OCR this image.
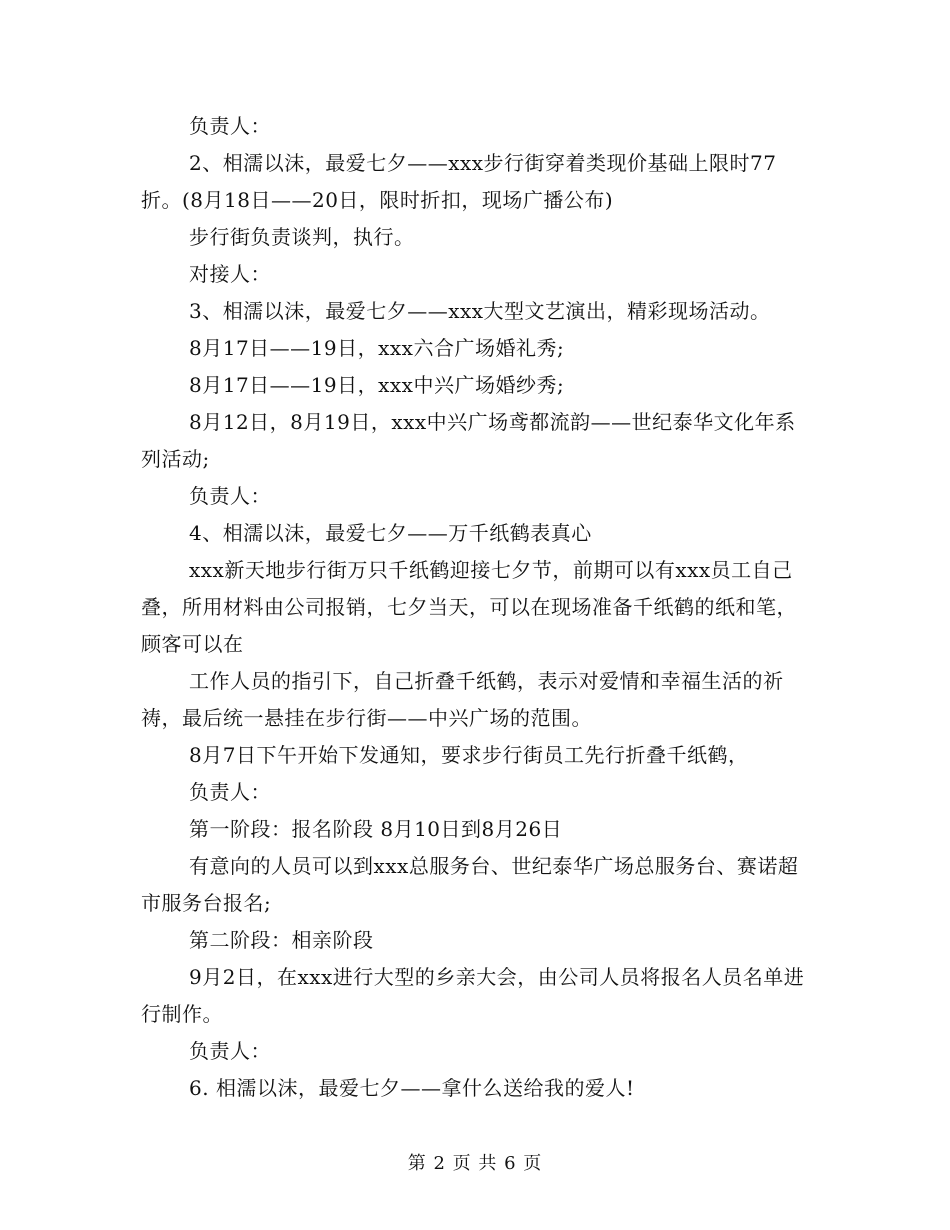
负责人：

2、相濡以沫，最爱七夕——xxx步行街穿着类现价基础上限时77折。(8月18日——20日，限时折扣，现场广播公布)

步行街负责谈判，执行。

对接人：

3、相濡以沫，最爱七夕——xxx大型文艺演出，精彩现场活动。

8月17日——19日，xxx六合广场婚礼秀;

8月17日——19日，xxx中兴广场婚纱秀;

8月12日，8月19日，xxx中兴广场鸢都流韵——世纪泰华文化年系列活动;

负责人：

4、相濡以沫，最爱七夕——万千纸鹤表真心

xxx新天地步行街万只千纸鹤迎接七夕节，前期可以有xxx员工自己叠，所用材料由公司报销，七夕当天，可以在现场准备千纸鹤的纸和笔，顾客可以在

工作人员的指引下，自己折叠千纸鹤，表示对爱情和幸福生活的祈祷，最后统一悬挂在步行街——中兴广场的范围。

8月7日下午开始下发通知，要求步行街员工先行折叠千纸鹤，

负责人：

第一阶段：报名阶段 8月10日到8月26日

有意向的人员可以到xxx总服务台、世纪泰华广场总服务台、赛诺超市服务台报名;

第二阶段：相亲阶段

9月2日，在xxx进行大型的乡亲大会，由公司人员将报名人员名单进行制作。

负责人：

6. 相濡以沫，最爱七夕——拿什么送给我的爱人!

第 2 页 共 6 页
